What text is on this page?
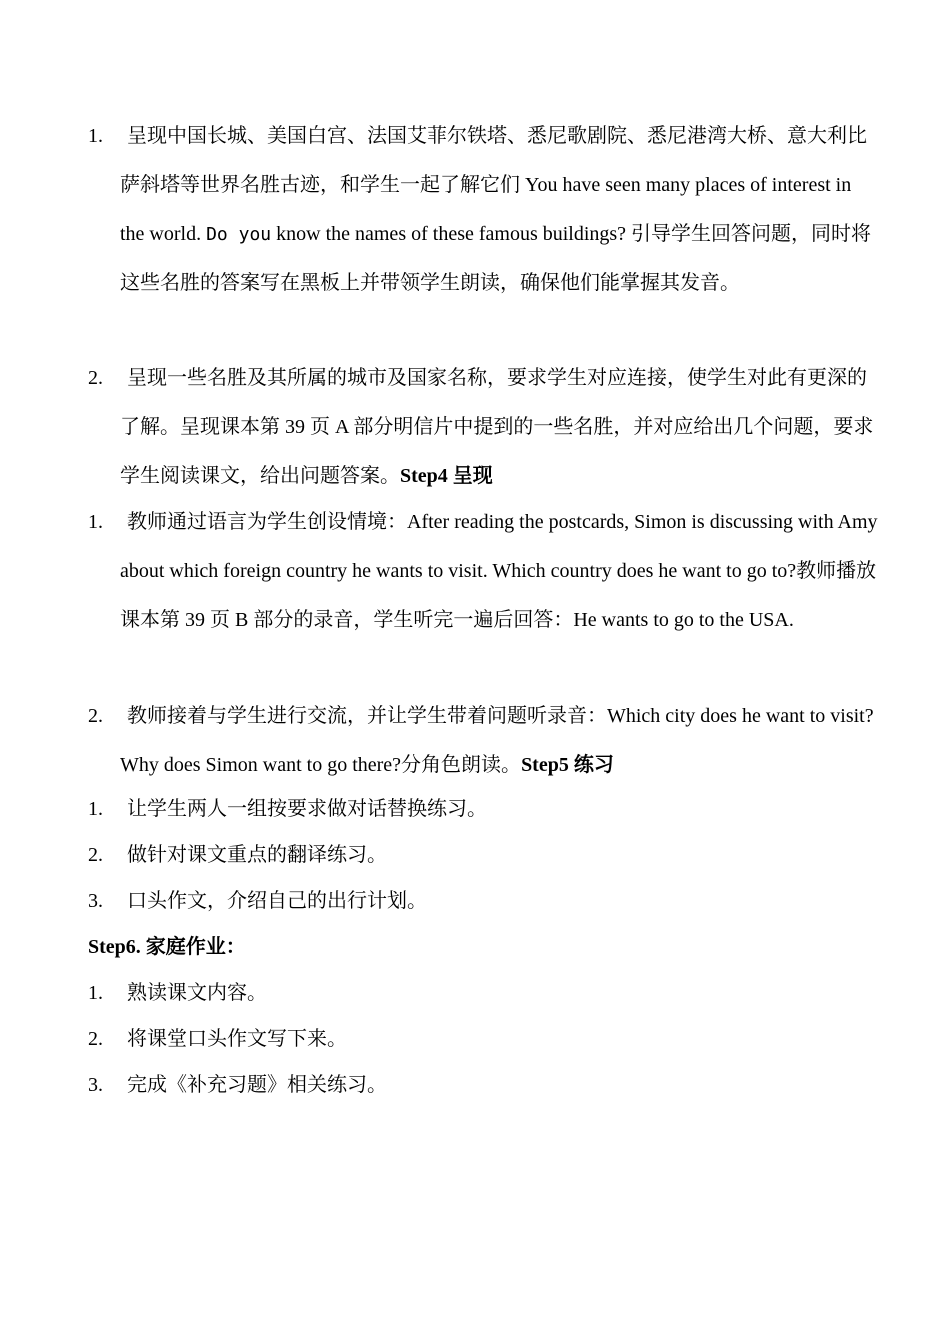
1.	呈现中国长城、美国白宫、法国艾菲尔铁塔、悉尼歌剧院、悉尼港湾大桥、意大利比萨斜塔等世界名胜古迹，和学生一起了解它们 You have seen many places of interest in the world. Do you know the names of these famous buildings? 引导学生回答问题，同时将这些名胜的答案写在黑板上并带领学生朗读，确保他们能掌握其发音。
2.	呈现一些名胜及其所属的城市及国家名称，要求学生对应连接，使学生对此有更深的了解。呈现课本第 39 页 A 部分明信片中提到的一些名胜，并对应给出几个问题，要求学生阅读课文，给出问题答案。Step4 呈现
1.	教师通过语言为学生创设情境：After reading the postcards, Simon is discussing with Amy about which foreign country he wants to visit. Which country does he want to go to?教师播放课本第 39 页 B 部分的录音，学生听完一遍后回答：He wants to go to the USA.
2.	教师接着与学生进行交流，并让学生带着问题听录音：Which city does he want to visit? Why does Simon want to go there?分角色朗读。Step5 练习
1.	让学生两人一组按要求做对话替换练习。
2.	做针对课文重点的翻译练习。
3.	口头作文，介绍自己的出行计划。
Step6. 家庭作业：
1.	熟读课文内容。
2.	将课堂口头作文写下来。
3.	完成《补充习题》相关练习。
